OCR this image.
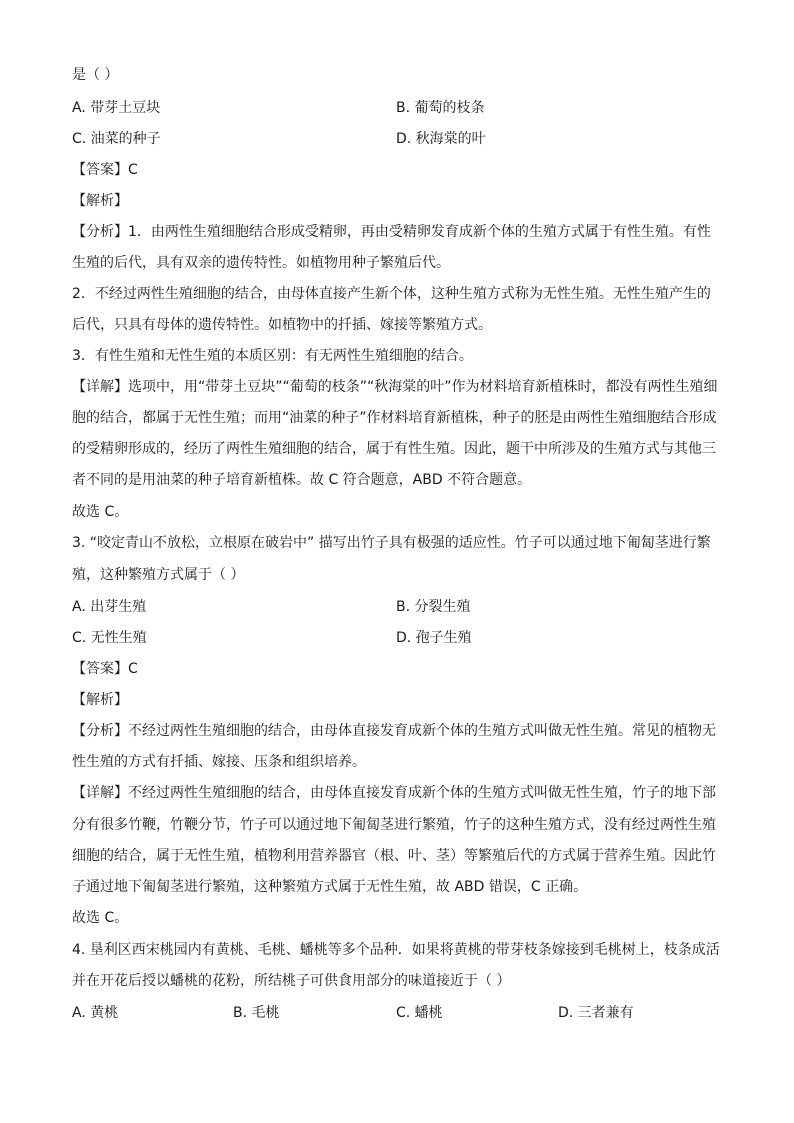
是（ ）
A. 带芽土豆块	B. 葡萄的枝条
C. 油菜的种子	D. 秋海棠的叶
【答案】C
【解析】
【分析】1．由两性生殖细胞结合形成受精卵，再由受精卵发育成新个体的生殖方式属于有性生殖。有性
生殖的后代，具有双亲的遗传特性。如植物用种子繁殖后代。
2．不经过两性生殖细胞的结合，由母体直接产生新个体，这种生殖方式称为无性生殖。无性生殖产生的
后代，只具有母体的遗传特性。如植物中的扦插、嫁接等繁殖方式。
3．有性生殖和无性生殖的本质区别：有无两性生殖细胞的结合。
【详解】选项中，用“带芽土豆块”“葡萄的枝条”“秋海棠的叶”作为材料培育新植株时，都没有两性生殖细
胞的结合，都属于无性生殖；而用“油菜的种子”作材料培育新植株，种子的胚是由两性生殖细胞结合形成
的受精卵形成的，经历了两性生殖细胞的结合，属于有性生殖。因此，题干中所涉及的生殖方式与其他三
者不同的是用油菜的种子培育新植株。故 C 符合题意，ABD 不符合题意。
故选 C。
3. “咬定青山不放松，立根原在破岩中” 描写出竹子具有极强的适应性。竹子可以通过地下匍匐茎进行繁
殖，这种繁殖方式属于（ ）
A. 出芽生殖	B. 分裂生殖
C. 无性生殖	D. 孢子生殖
【答案】C
【解析】
【分析】不经过两性生殖细胞的结合，由母体直接发育成新个体的生殖方式叫做无性生殖。常见的植物无
性生殖的方式有扦插、嫁接、压条和组织培养。
【详解】不经过两性生殖细胞的结合，由母体直接发育成新个体的生殖方式叫做无性生殖，竹子的地下部
分有很多竹鞭，竹鞭分节，竹子可以通过地下匍匐茎进行繁殖，竹子的这种生殖方式，没有经过两性生殖
细胞的结合，属于无性生殖，植物利用营养器官（根、叶、茎）等繁殖后代的方式属于营养生殖。因此竹
子通过地下匍匐茎进行繁殖，这种繁殖方式属于无性生殖，故 ABD 错误，C 正确。
故选 C。
4. 垦利区西宋桃园内有黄桃、毛桃、蟠桃等多个品种．如果将黄桃的带芽枝条嫁接到毛桃树上，枝条成活
并在开花后授以蟠桃的花粉，所结桃子可供食用部分的味道接近于（ ）
A. 黄桃	B. 毛桃	C. 蟠桃	D. 三者兼有
